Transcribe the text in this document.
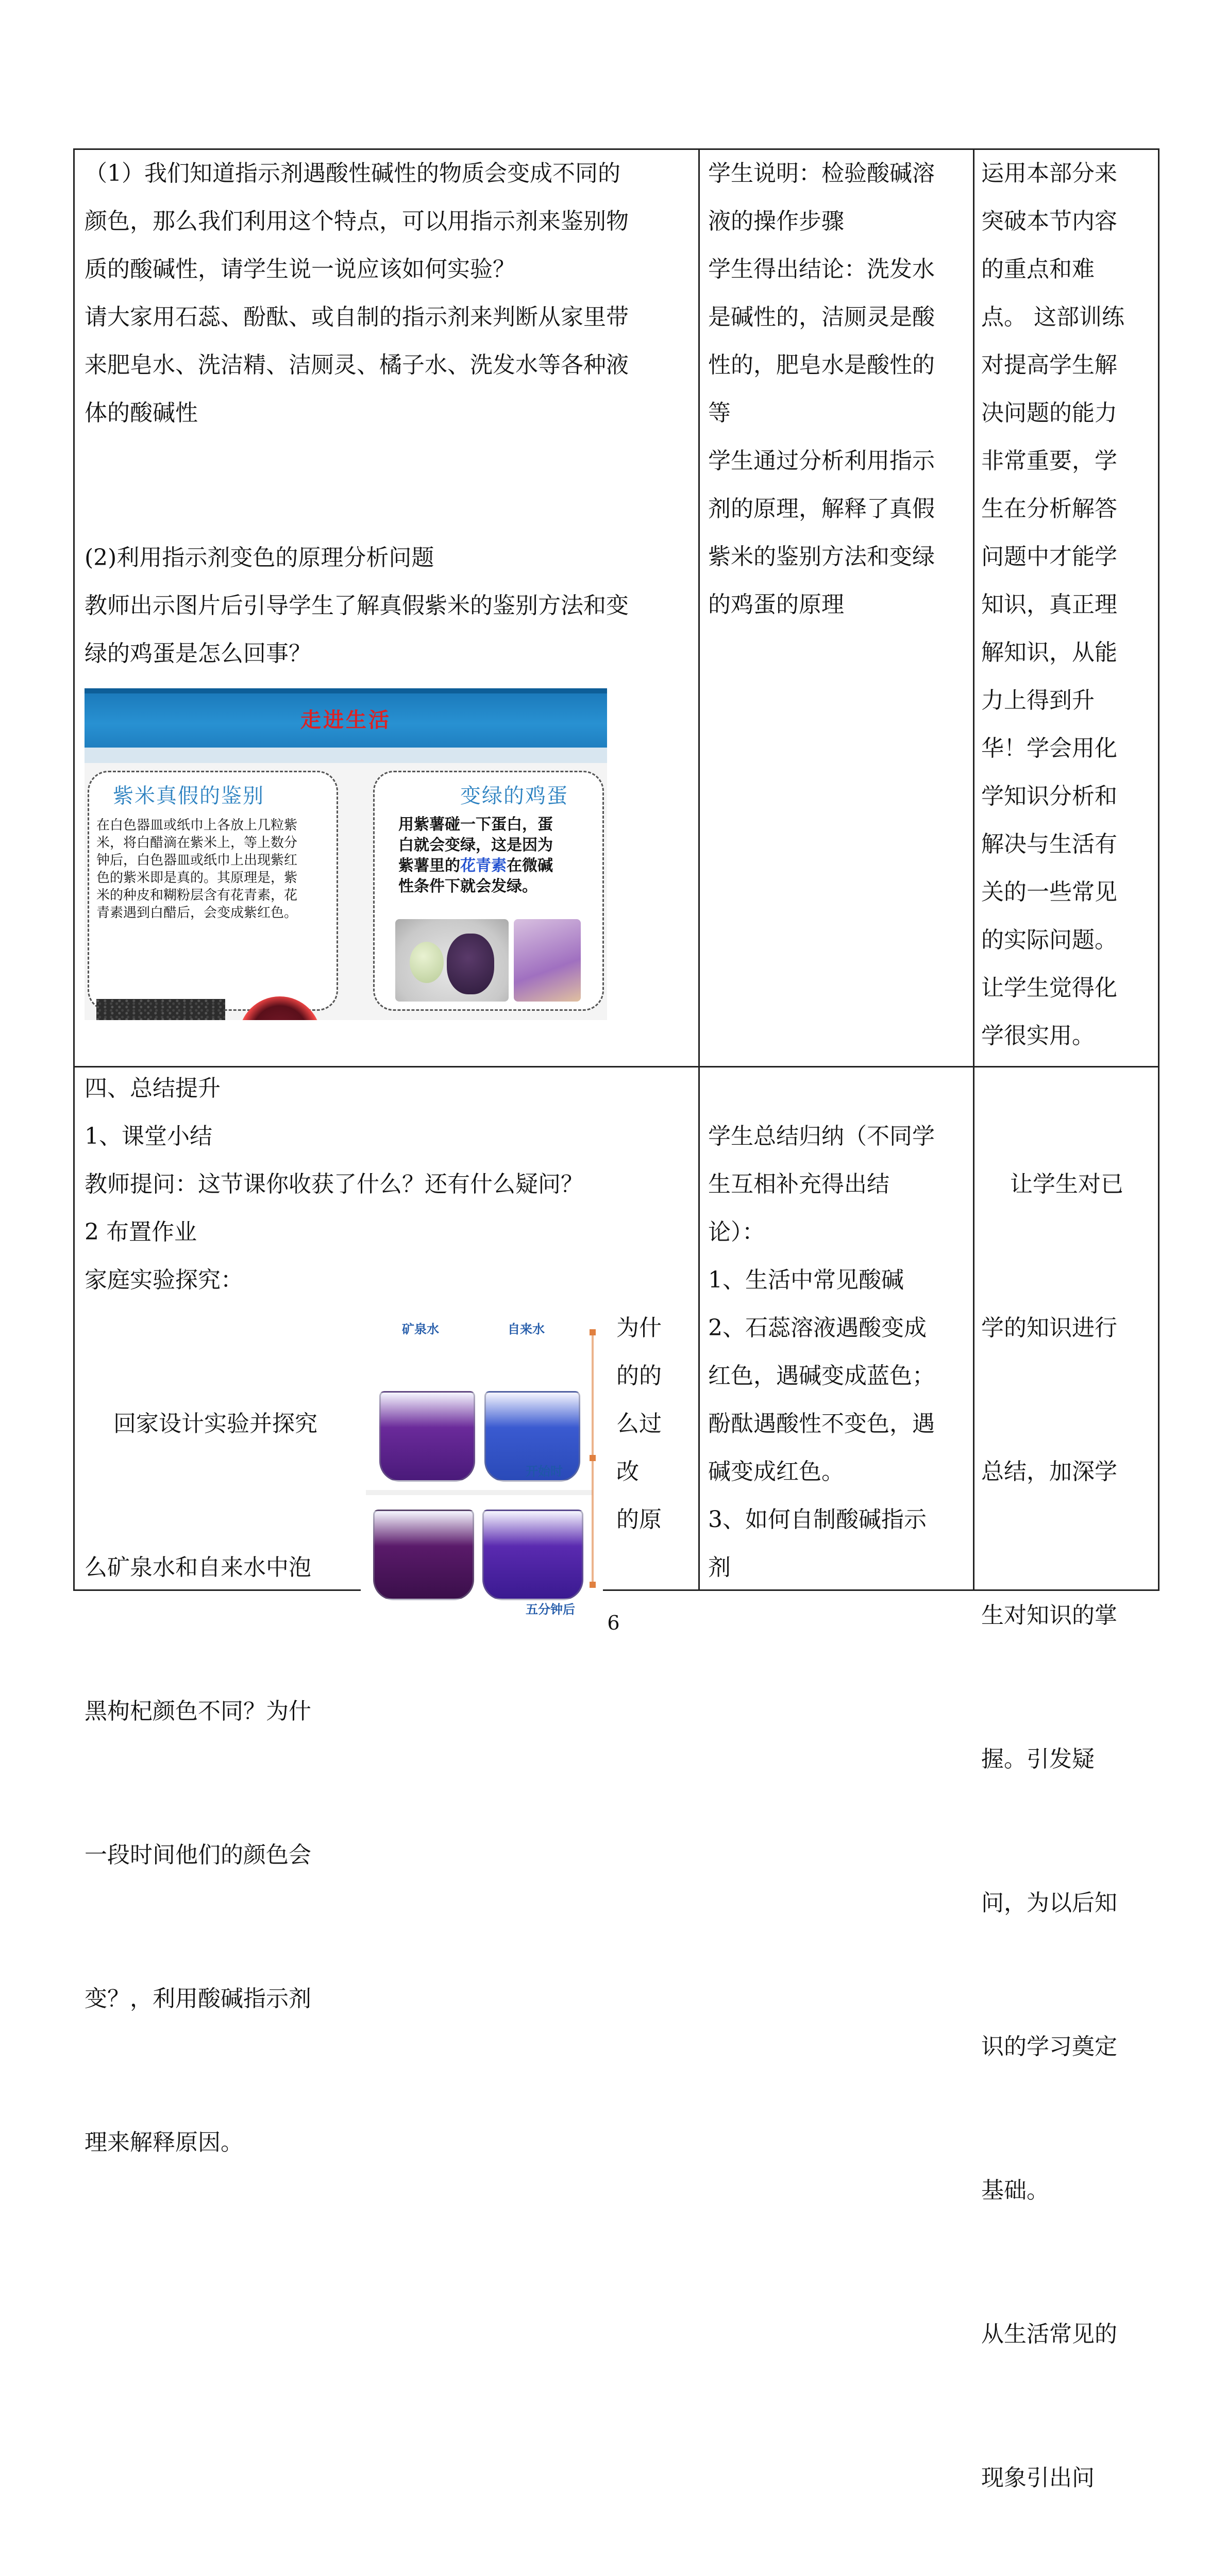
（1）我们知道指示剂遇酸性碱性的物质会变成不同的
颜色，那么我们利用这个特点，可以用指示剂来鉴别物
质的酸碱性，请学生说一说应该如何实验？
请大家用石蕊、酚酞、或自制的指示剂来判断从家里带
来肥皂水、洗洁精、洁厕灵、橘子水、洗发水等各种液
体的酸碱性
(2)利用指示剂变色的原理分析问题
教师出示图片后引导学生了解真假紫米的鉴别方法和变
绿的鸡蛋是怎么回事？
走进生活
紫米真假的鉴别
在白色器皿或纸巾上各放上几粒紫
米，将白醋滴在紫米上，等上数分
钟后，白色器皿或纸巾上出现紫红
色的紫米即是真的。其原理是，紫
米的种皮和糊粉层含有花青素，花
青素遇到白醋后，会变成紫红色。
变绿的鸡蛋
用紫薯碰一下蛋白，蛋
白就会变绿，这是因为
紫薯里的花青素在微碱
性条件下就会发绿。
学生说明：检验酸碱溶
液的操作步骤
学生得出结论：洗发水
是碱性的，洁厕灵是酸
性的，肥皂水是酸性的
等
学生通过分析利用指示
剂的原理，解释了真假
紫米的鉴别方法和变绿
的鸡蛋的原理
运用本部分来
突破本节内容
的重点和难
点。 这部训练
对提高学生解
决问题的能力
非常重要，学
生在分析解答
问题中才能学
知识，真正理
解知识，从能
力上得到升
华！学会用化
学知识分析和
解决与生活有
关的一些常见
的实际问题。
让学生觉得化
学很实用。
四、总结提升
1、课堂小结
教师提问：这节课你收获了什么？还有什么疑问？
2 布置作业
家庭实验探究：

回家设计实验并探究

么矿泉水和自来水中泡

黑枸杞颜色不同？为什

一段时间他们的颜色会

变？，利用酸碱指示剂

理来解释原因。

为什
的的
么过
改
的原
矿泉水	自来水
开始时
五分钟后
学生总结归纳（不同学
生互相补充得出结
论）：
1、生活中常见酸碱
2、石蕊溶液遇酸变成
红色，遇碱变成蓝色；
酚酞遇酸性不变色，遇
碱变成红色。
3、如何自制酸碱指示
剂

让学生对已

学的知识进行

总结，加深学

生对知识的掌

握。引发疑

问，为以后知

识的学习奠定

基础。

从生活常见的

现象引出问

6
